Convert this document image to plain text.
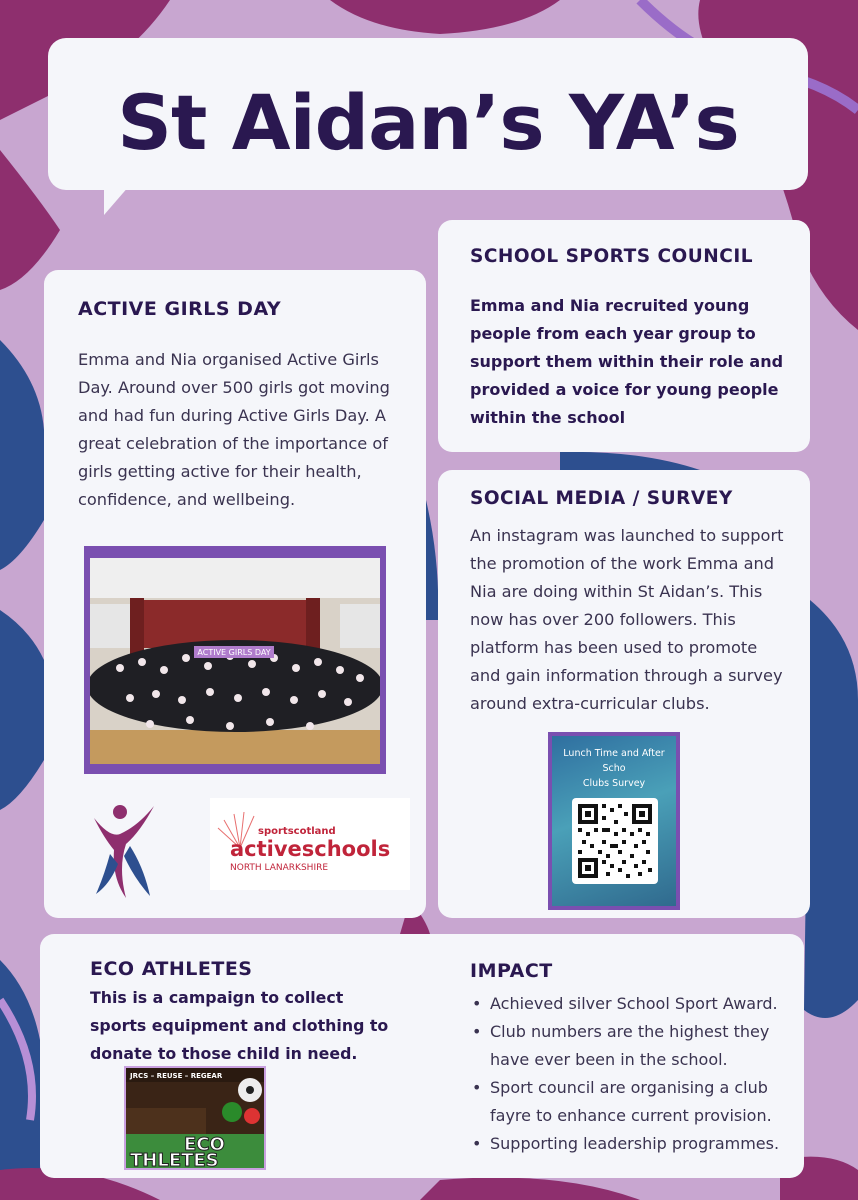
St Aidan’s YA’s
ACTIVE GIRLS DAY
Emma and Nia organised Active Girls Day. Around over 500 girls got moving and had fun during Active Girls Day. A great celebration of the importance of girls getting active for their health, confidence, and wellbeing.
ACTIVE GIRLS DAY
sportscotland
activeschools
NORTH LANARKSHIRE
SCHOOL SPORTS COUNCIL
Emma and Nia recruited young people from each year group to support them within their role and provided a voice for young people within the school
SOCIAL MEDIA / SURVEY
An instagram was launched to support the promotion of the work Emma and Nia are doing within St Aidan’s. This now has over 200 followers. This platform has been used to promote and gain information through a survey around extra-curricular clubs.
Lunch Time and After Scho
Clubs Survey
ECO ATHLETES
This is a campaign to collect sports equipment and clothing to donate to those child in need.
JRCS – REUSE – REGEAR
ECO
THLETES
IMPACT
• Achieved silver School Sport Award.
• Club numbers are the highest they have ever been in the school.
• Sport council are organising a club fayre to enhance current provision.
• Supporting leadership programmes.
